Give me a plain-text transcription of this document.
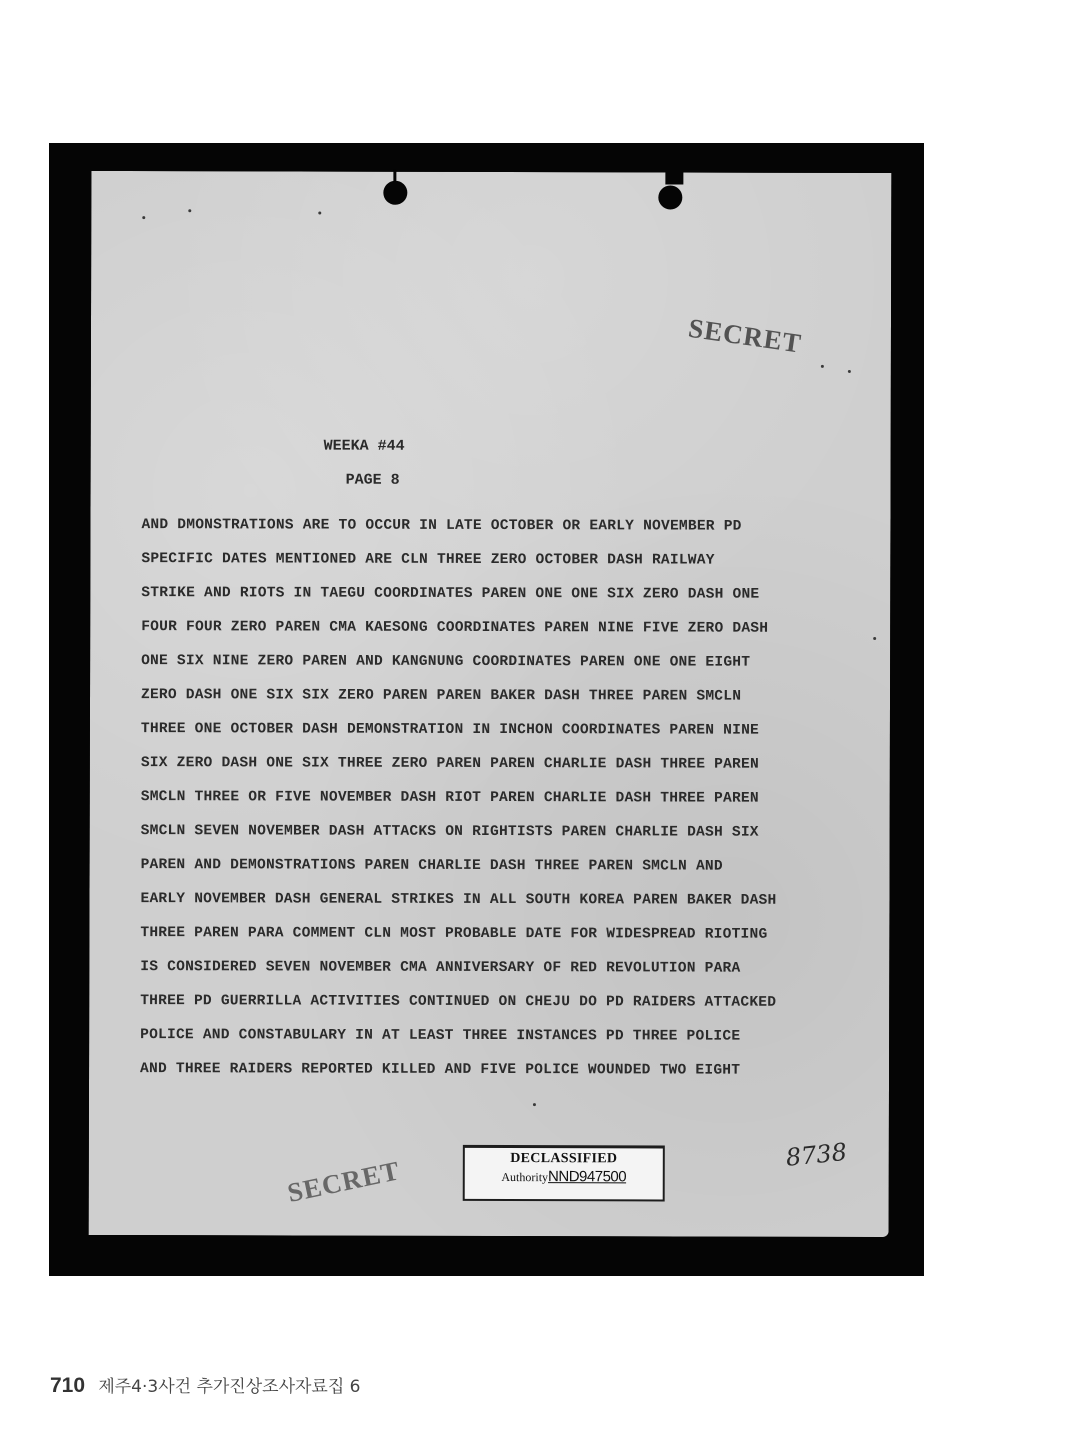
SECRET
WEEKA #44
PAGE 8
AND DMONSTRATIONS ARE TO OCCUR IN LATE OCTOBER OR EARLY NOVEMBER PD
SPECIFIC DATES MENTIONED ARE CLN THREE ZERO OCTOBER DASH RAILWAY
STRIKE AND RIOTS IN TAEGU COORDINATES PAREN ONE ONE SIX ZERO DASH ONE
FOUR FOUR ZERO PAREN CMA KAESONG COORDINATES PAREN NINE FIVE ZERO DASH
ONE SIX NINE ZERO PAREN AND KANGNUNG COORDINATES PAREN ONE ONE EIGHT
ZERO DASH ONE SIX SIX ZERO PAREN PAREN BAKER DASH THREE PAREN SMCLN
THREE ONE OCTOBER DASH DEMONSTRATION IN INCHON COORDINATES PAREN NINE
SIX ZERO DASH ONE SIX THREE ZERO PAREN PAREN CHARLIE DASH THREE PAREN
SMCLN THREE OR FIVE NOVEMBER DASH RIOT PAREN CHARLIE DASH THREE PAREN
SMCLN SEVEN NOVEMBER DASH ATTACKS ON RIGHTISTS PAREN CHARLIE DASH SIX
PAREN AND DEMONSTRATIONS PAREN CHARLIE DASH THREE PAREN SMCLN AND
EARLY NOVEMBER DASH GENERAL STRIKES IN ALL SOUTH KOREA PAREN BAKER DASH
THREE PAREN PARA COMMENT CLN MOST PROBABLE DATE FOR WIDESPREAD RIOTING
IS CONSIDERED SEVEN NOVEMBER CMA ANNIVERSARY OF RED REVOLUTION PARA
THREE PD GUERRILLA ACTIVITIES CONTINUED ON CHEJU DO PD RAIDERS ATTACKED
POLICE AND CONSTABULARY IN AT LEAST THREE INSTANCES PD THREE POLICE
AND THREE RAIDERS REPORTED KILLED AND FIVE POLICE WOUNDED TWO EIGHT
SECRET	DECLASSIFIED
AuthorityNND947500
8738
710 제주4·3사건 추가진상조사자료집 6
